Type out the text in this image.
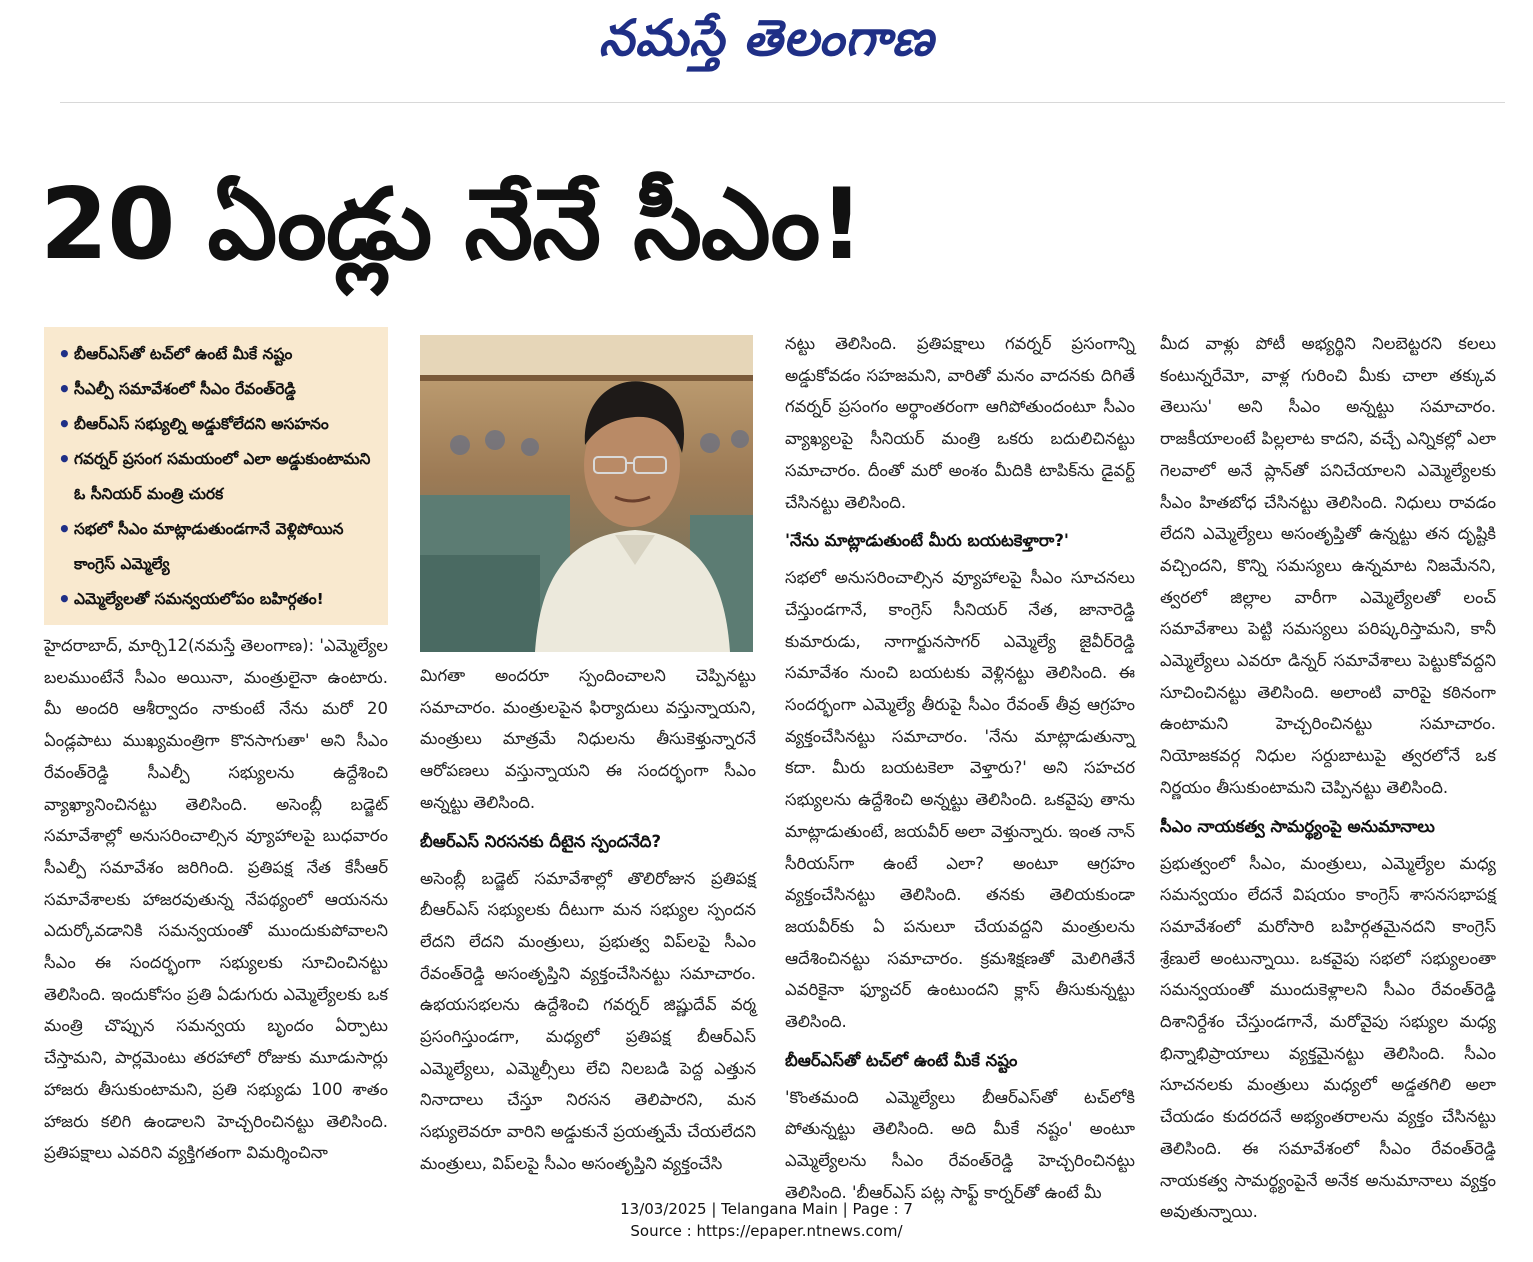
నమస్తే తెలంగాణ
20 ఏండ్లు నేనే సీఎం!
• బీఆర్‌ఎస్‌తో టచ్‌లో ఉంటే మీకే నష్టం
• సీఎల్పీ సమావేశంలో సీఎం రేవంత్‌రెడ్డి
• బీఆర్‌ఎస్ సభ్యుల్ని అడ్డుకోలేదని అసహనం
• గవర్నర్ ప్రసంగ సమయంలో ఎలా అడ్డుకుంటామని ఓ సీనియర్ మంత్రి చురక
• సభలో సీఎం మాట్లాడుతుండగానే వెళ్లిపోయిన కాంగ్రెస్ ఎమ్మెల్యే
• ఎమ్మెల్యేలతో సమన్వయలోపం బహిర్గతం!

హైదరాబాద్, మార్చి12(నమస్తే తెలంగాణ): 'ఎమ్మెల్యేల బలముంటేనే సీఎం అయినా, మంత్రులైనా ఉంటారు. మీ అందరి ఆశీర్వాదం నాకుంటే నేను మరో 20 ఏండ్లపాటు ముఖ్యమంత్రిగా కొనసాగుతా' అని సీఎం రేవంత్‌రెడ్డి సీఎల్పీ సభ్యులను ఉద్దేశించి వ్యాఖ్యానించినట్టు తెలిసింది. అసెంబ్లీ బడ్జెట్ సమావేశాల్లో అనుసరించాల్సిన వ్యూహాలపై బుధవారం సీఎల్పీ సమావేశం జరిగింది. ప్రతిపక్ష నేత కేసీఆర్ సమావేశాలకు హాజరవుతున్న నేపథ్యంలో ఆయనను ఎదుర్కోవడానికి సమన్వయంతో ముందుకుపోవాలని సీఎం ఈ సందర్భంగా సభ్యులకు సూచించినట్టు తెలిసింది. ఇందుకోసం ప్రతి ఏడుగురు ఎమ్మెల్యేలకు ఒక మంత్రి చొప్పున సమన్వయ బృందం ఏర్పాటు చేస్తామని, పార్లమెంటు తరహాలో రోజుకు మూడుసార్లు హాజరు తీసుకుంటామని, ప్రతి సభ్యుడు 100 శాతం హాజరు కలిగి ఉండాలని హెచ్చరించినట్టు తెలిసింది. ప్రతిపక్షాలు ఎవరిని వ్యక్తిగతంగా విమర్శించినా

మిగతా అందరూ స్పందించాలని చెప్పినట్టు సమాచారం. మంత్రులపైన ఫిర్యాదులు వస్తున్నాయని, మంత్రులు మాత్రమే నిధులను తీసుకెళ్తున్నారనే ఆరోపణలు వస్తున్నాయని ఈ సందర్భంగా సీఎం అన్నట్టు తెలిసింది.

బీఆర్‌ఎస్ నిరసనకు దీటైన స్పందనేది?

అసెంబ్లీ బడ్జెట్ సమావేశాల్లో తొలిరోజున ప్రతిపక్ష బీఆర్‌ఎస్ సభ్యులకు దీటుగా మన సభ్యుల స్పందన లేదని లేదని మంత్రులు, ప్రభుత్వ విప్‌లపై సీఎం రేవంత్‌రెడ్డి అసంతృప్తిని వ్యక్తంచేసినట్టు సమాచారం. ఉభయసభలను ఉద్దేశించి గవర్నర్ జిష్ణుదేవ్ వర్మ ప్రసంగిస్తుండగా, మధ్యలో ప్రతిపక్ష బీఆర్‌ఎస్ ఎమ్మెల్యేలు, ఎమ్మెల్సీలు లేచి నిలబడి పెద్ద ఎత్తున నినాదాలు చేస్తూ నిరసన తెలిపారని, మన సభ్యులెవరూ వారిని అడ్డుకునే ప్రయత్నమే చేయలేదని మంత్రులు, విప్‌లపై సీఎం అసంతృప్తిని వ్యక్తంచేసి

నట్టు తెలిసింది. ప్రతిపక్షాలు గవర్నర్ ప్రసంగాన్ని అడ్డుకోవడం సహజమని, వారితో మనం వాదనకు దిగితే గవర్నర్ ప్రసంగం అర్థాంతరంగా ఆగిపోతుందంటూ సీఎం వ్యాఖ్యలపై సీనియర్ మంత్రి ఒకరు బదులిచినట్టు సమాచారం. దీంతో మరో అంశం మీదికి టాపిక్‌ను డైవర్ట్ చేసినట్టు తెలిసింది.

'నేను మాట్లాడుతుంటే మీరు బయటకెళ్తారా?'

సభలో అనుసరించాల్సిన వ్యూహాలపై సీఎం సూచనలు చేస్తుండగానే, కాంగ్రెస్ సీనియర్ నేత, జానారెడ్డి కుమారుడు, నాగార్జునసాగర్ ఎమ్మెల్యే జైవీర్‌రెడ్డి సమావేశం నుంచి బయటకు వెళ్లినట్టు తెలిసింది. ఈ సందర్భంగా ఎమ్మెల్యే తీరుపై సీఎం రేవంత్ తీవ్ర ఆగ్రహం వ్యక్తంచేసినట్టు సమాచారం. 'నేను మాట్లాడుతున్నా కదా. మీరు బయటకెలా వెళ్తారు?' అని సహచర సభ్యులను ఉద్దేశించి అన్నట్టు తెలిసింది. ఒకవైపు తాను మాట్లాడుతుంటే, జయవీర్ అలా వెళ్తున్నారు. ఇంత నాన్ సీరియస్‌గా ఉంటే ఎలా? అంటూ ఆగ్రహం వ్యక్తంచేసినట్టు తెలిసింది. తనకు తెలియకుండా జయవీర్‌కు ఏ పనులూ చేయవద్దని మంత్రులను ఆదేశించినట్టు సమాచారం. క్రమశిక్షణతో మెలిగితేనే ఎవరికైనా ఫ్యూచర్ ఉంటుందని క్లాస్ తీసుకున్నట్టు తెలిసింది.

బీఆర్‌ఎస్‌తో టచ్‌లో ఉంటే మీకే నష్టం

'కొంతమంది ఎమ్మెల్యేలు బీఆర్‌ఎస్‌తో టచ్‌లోకి పోతున్నట్టు తెలిసింది. అది మీకే నష్టం' అంటూ ఎమ్మెల్యేలను సీఎం రేవంత్‌రెడ్డి హెచ్చరించినట్టు తెలిసింది. 'బీఆర్‌ఎస్ పట్ల సాఫ్ట్ కార్నర్‌తో ఉంటే మీ

మీద వాళ్లు పోటీ అభ్యర్థిని నిలబెట్టరని కలలు కంటున్నరేమో, వాళ్ల గురించి మీకు చాలా తక్కువ తెలుసు' అని సీఎం అన్నట్టు సమాచారం. రాజకీయాలంటే పిల్లలాట కాదని, వచ్చే ఎన్నికల్లో ఎలా గెలవాలో అనే ప్లాన్‌తో పనిచేయాలని ఎమ్మెల్యేలకు సీఎం హితబోధ చేసినట్టు తెలిసింది. నిధులు రావడం లేదని ఎమ్మెల్యేలు అసంతృప్తితో ఉన్నట్టు తన దృష్టికి వచ్చిందని, కొన్ని సమస్యలు ఉన్నమాట నిజమేనని, త్వరలో జిల్లాల వారీగా ఎమ్మెల్యేలతో లంచ్ సమావేశాలు పెట్టి సమస్యలు పరిష్కరిస్తామని, కానీ ఎమ్మెల్యేలు ఎవరూ డిన్నర్ సమావేశాలు పెట్టుకోవద్దని సూచించినట్టు తెలిసింది. అలాంటి వారిపై కఠినంగా ఉంటామని హెచ్చరించినట్టు సమాచారం. నియోజకవర్గ నిధుల సర్దుబాటుపై త్వరలోనే ఒక నిర్ణయం తీసుకుంటామని చెప్పినట్టు తెలిసింది.

సీఎం నాయకత్వ సామర్థ్యంపై అనుమానాలు

ప్రభుత్వంలో సీఎం, మంత్రులు, ఎమ్మెల్యేల మధ్య సమన్వయం లేదనే విషయం కాంగ్రెస్ శాసనసభాపక్ష సమావేశంలో మరోసారి బహిర్గతమైనదని కాంగ్రెస్ శ్రేణులే అంటున్నాయి. ఒకవైపు సభలో సభ్యులంతా సమన్వయంతో ముందుకెళ్లాలని సీఎం రేవంత్‌రెడ్డి దిశానిర్దేశం చేస్తుండగానే, మరోవైపు సభ్యుల మధ్య భిన్నాభిప్రాయాలు వ్యక్తమైనట్టు తెలిసింది. సీఎం సూచనలకు మంత్రులు మధ్యలో అడ్డతగిలి అలా చేయడం కుదరదనే అభ్యంతరాలను వ్యక్తం చేసినట్టు తెలిసింది. ఈ సమావేశంలో సీఎం రేవంత్‌రెడ్డి నాయకత్వ సామర్థ్యంపైనే అనేక అనుమానాలు వ్యక్తం అవుతున్నాయి.

13/03/2025 | Telangana Main | Page : 7
Source : https://epaper.ntnews.com/
